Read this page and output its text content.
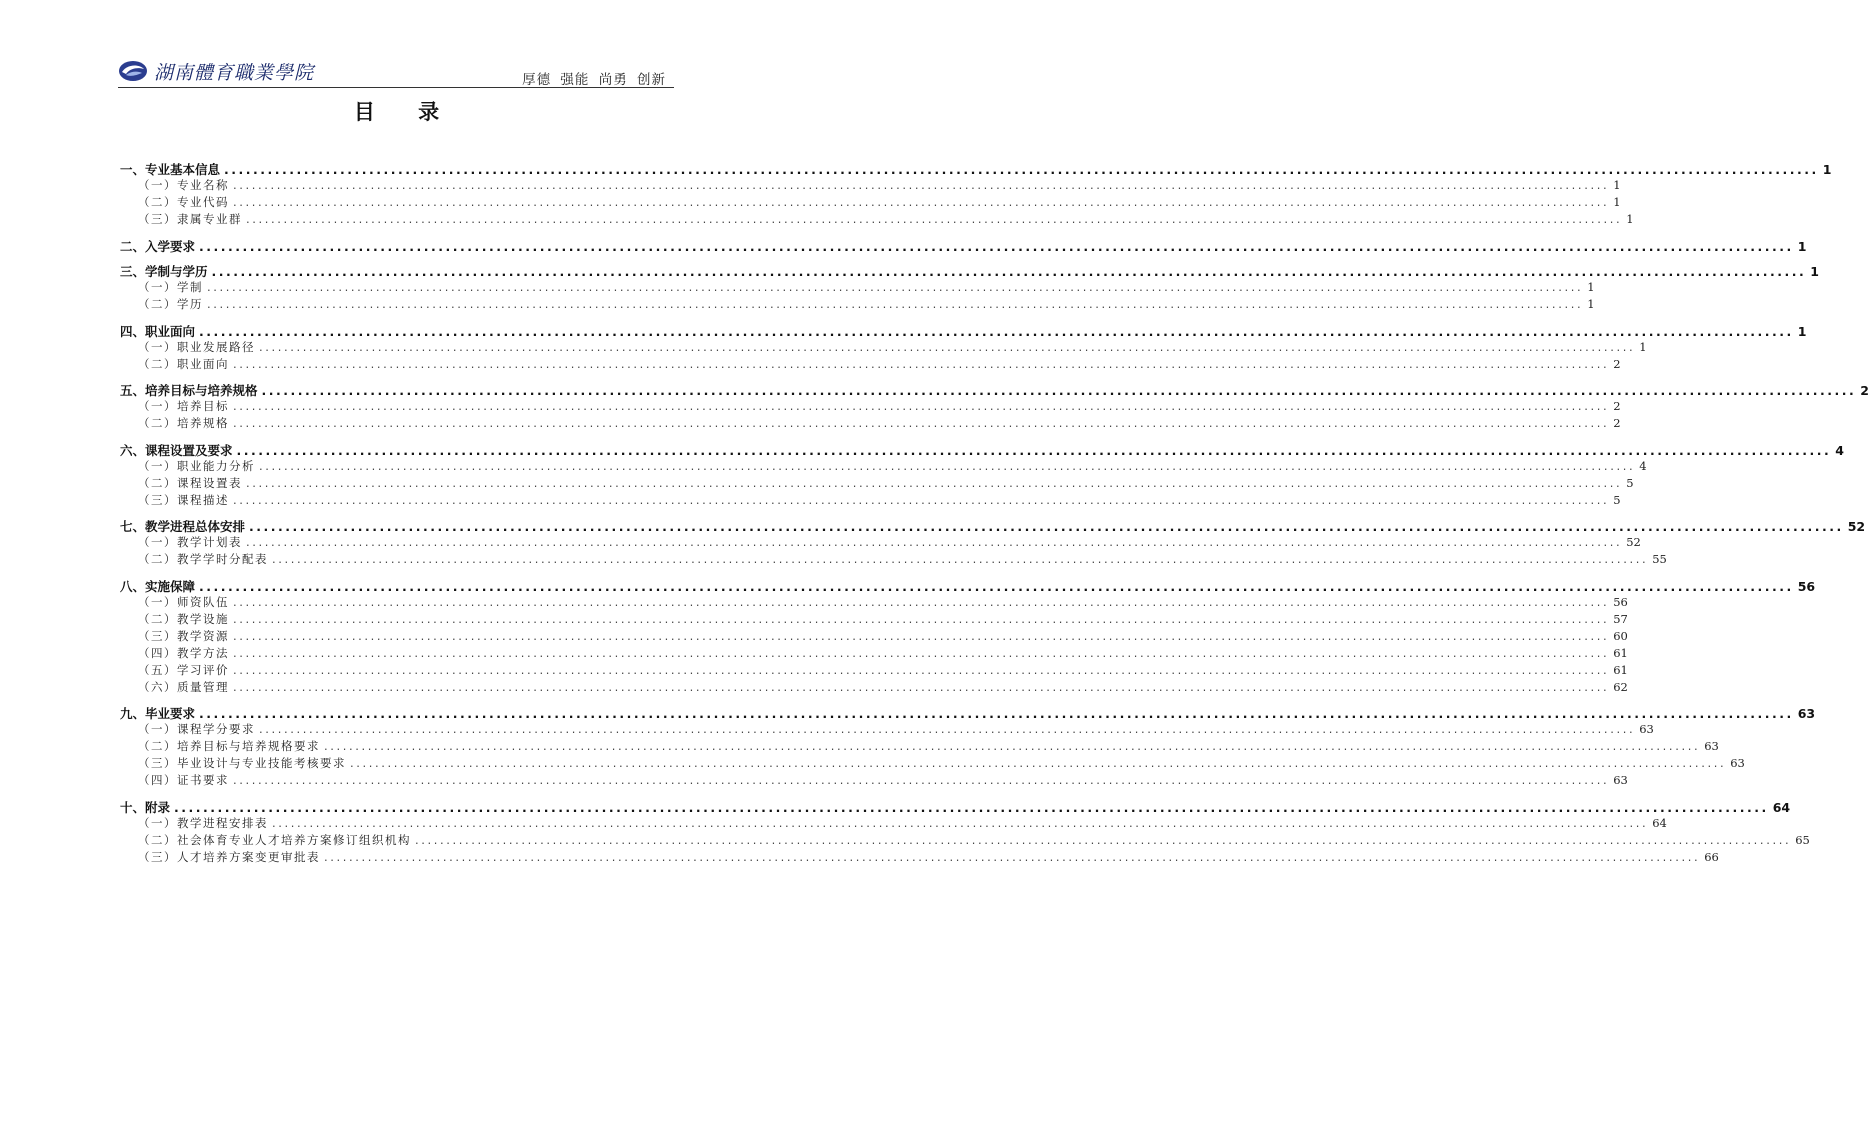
湖南體育職業學院	厚德 强能 尚勇 创新
目 录
一、专业基本信息 ............................................................................................................................................................................................................................ 1
（一）专业名称 ............................................................................................................................................................................................................................ 1
（二）专业代码 ............................................................................................................................................................................................................................ 1
（三）隶属专业群 ............................................................................................................................................................................................................................ 1
二、入学要求 ............................................................................................................................................................................................................................ 1
三、学制与学历 ............................................................................................................................................................................................................................ 1
（一）学制 ............................................................................................................................................................................................................................ 1
（二）学历 ............................................................................................................................................................................................................................ 1
四、职业面向 ............................................................................................................................................................................................................................ 1
（一）职业发展路径 ............................................................................................................................................................................................................................ 1
（二）职业面向 ............................................................................................................................................................................................................................ 2
五、培养目标与培养规格 ............................................................................................................................................................................................................................ 2
（一）培养目标 ............................................................................................................................................................................................................................ 2
（二）培养规格 ............................................................................................................................................................................................................................ 2
六、课程设置及要求 ............................................................................................................................................................................................................................ 4
（一）职业能力分析 ............................................................................................................................................................................................................................ 4
（二）课程设置表 ............................................................................................................................................................................................................................ 5
（三）课程描述 ............................................................................................................................................................................................................................ 5
七、教学进程总体安排 ............................................................................................................................................................................................................................ 52
（一）教学计划表 ............................................................................................................................................................................................................................ 52
（二）教学学时分配表 ............................................................................................................................................................................................................................ 55
八、实施保障 ............................................................................................................................................................................................................................ 56
（一）师资队伍 ............................................................................................................................................................................................................................ 56
（二）教学设施 ............................................................................................................................................................................................................................ 57
（三）教学资源 ............................................................................................................................................................................................................................ 60
（四）教学方法 ............................................................................................................................................................................................................................ 61
（五）学习评价 ............................................................................................................................................................................................................................ 61
（六）质量管理 ............................................................................................................................................................................................................................ 62
九、毕业要求 ............................................................................................................................................................................................................................ 63
（一）课程学分要求 ............................................................................................................................................................................................................................ 63
（二）培养目标与培养规格要求 ............................................................................................................................................................................................................................ 63
（三）毕业设计与专业技能考核要求 ............................................................................................................................................................................................................................ 63
（四）证书要求 ............................................................................................................................................................................................................................ 63
十、附录 ............................................................................................................................................................................................................................ 64
（一）教学进程安排表 ............................................................................................................................................................................................................................ 64
（二）社会体育专业人才培养方案修订组织机构 ............................................................................................................................................................................................................................ 65
（三）人才培养方案变更审批表 ............................................................................................................................................................................................................................ 66
